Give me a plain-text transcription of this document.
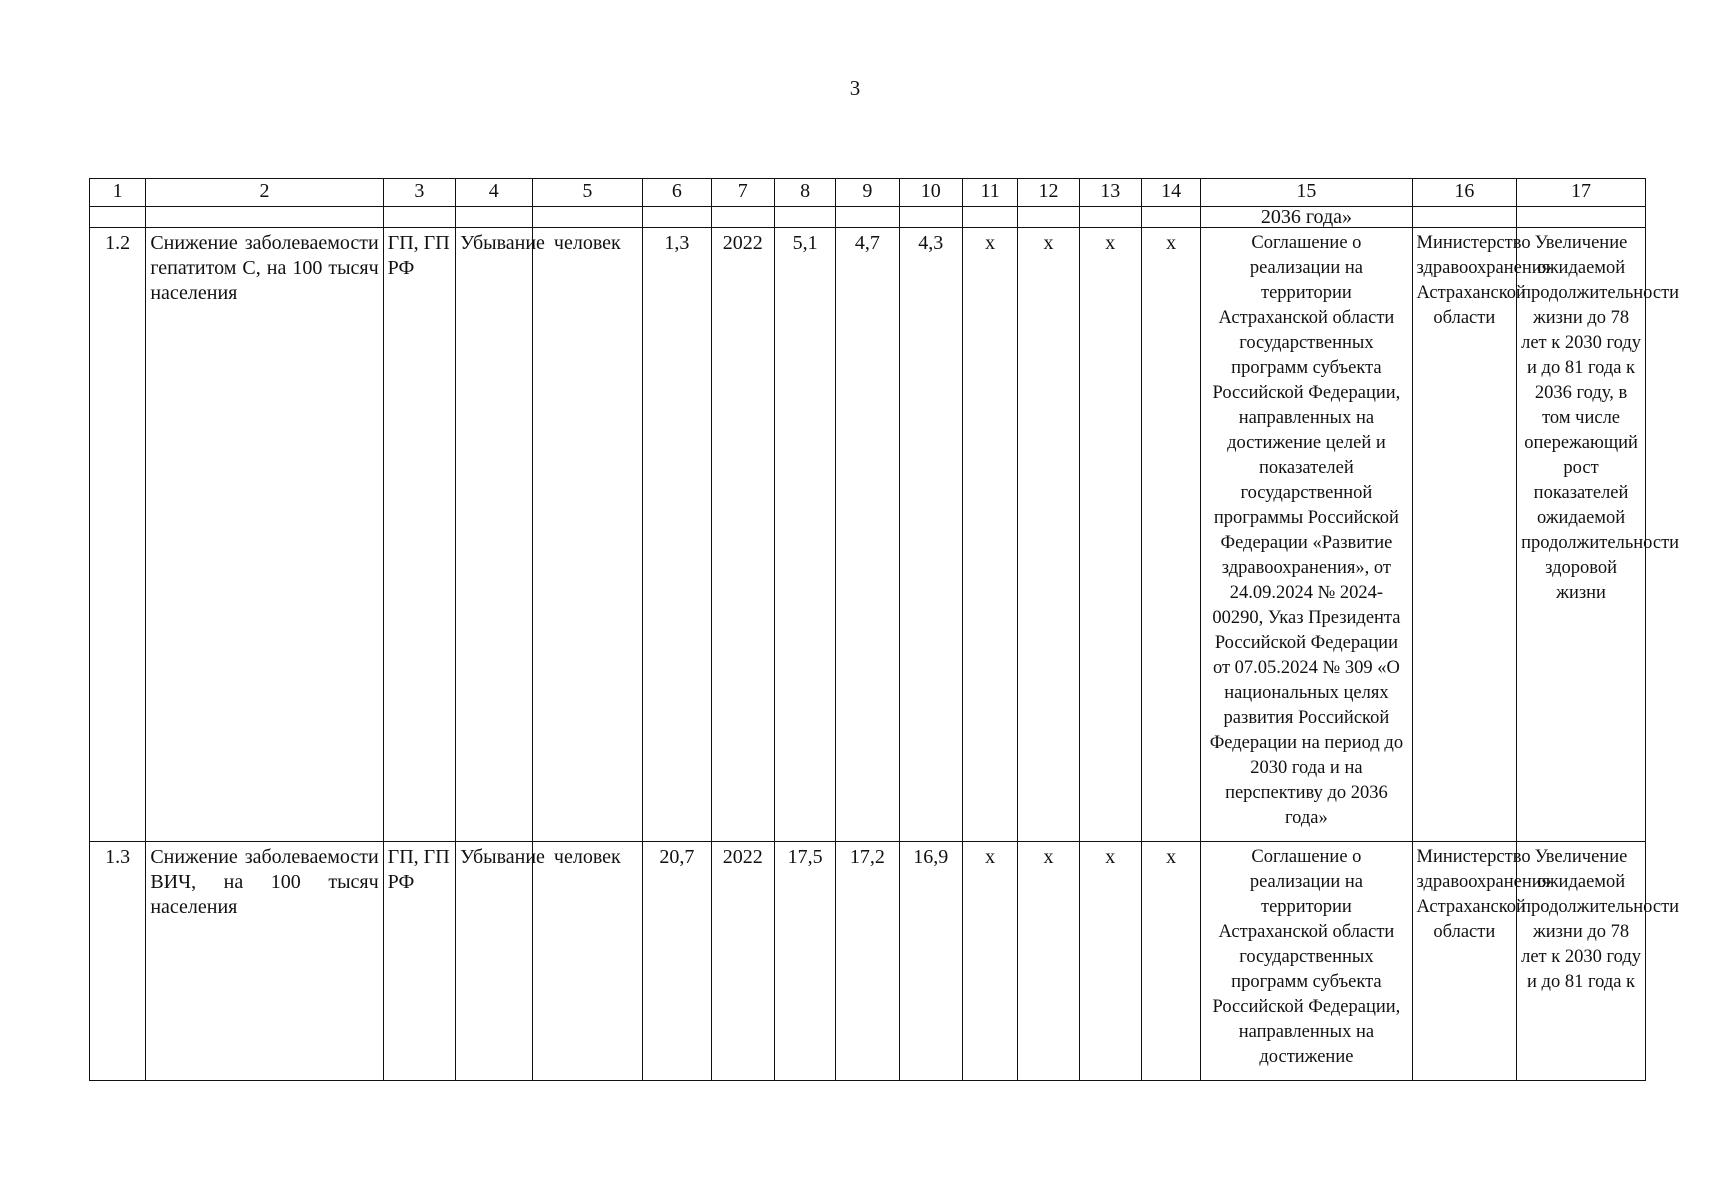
3
1	2	3	4	5	6	7	8	9	10	11	12	13	14	15	16	17
														2036 года»		
1.2	Снижение заболеваемости гепатитом С, на 100 тысяч населения	ГП, ГП РФ	Убывание	человек	1,3	2022	5,1	4,7	4,3	х	х	х	х	Соглашение о реализации на территории Астраханской области государственных программ субъекта Российской Федерации, направленных на достижение целей и показателей государственной программы Российской Федерации «Развитие здравоохранения», от 24.09.2024 № 2024-00290, Указ Президента Российской Федерации от 07.05.2024 № 309 «О национальных целях развития Российской Федерации на период до 2030 года и на перспективу до 2036 года»	Министерство здравоохранения Астраханской области	Увеличение ожидаемой продолжительности жизни до 78 лет к 2030 году и до 81 года к 2036 году, в том числе опережающий рост показателей ожидаемой продолжительности здоровой жизни
1.3	Снижение заболеваемости ВИЧ, на 100 тысяч населения	ГП, ГП РФ	Убывание	человек	20,7	2022	17,5	17,2	16,9	х	х	х	х	Соглашение о реализации на территории Астраханской области государственных программ субъекта Российской Федерации, направленных на достижение	Министерство здравоохранения Астраханской области	Увеличение ожидаемой продолжительности жизни до 78 лет к 2030 году и до 81 года к
